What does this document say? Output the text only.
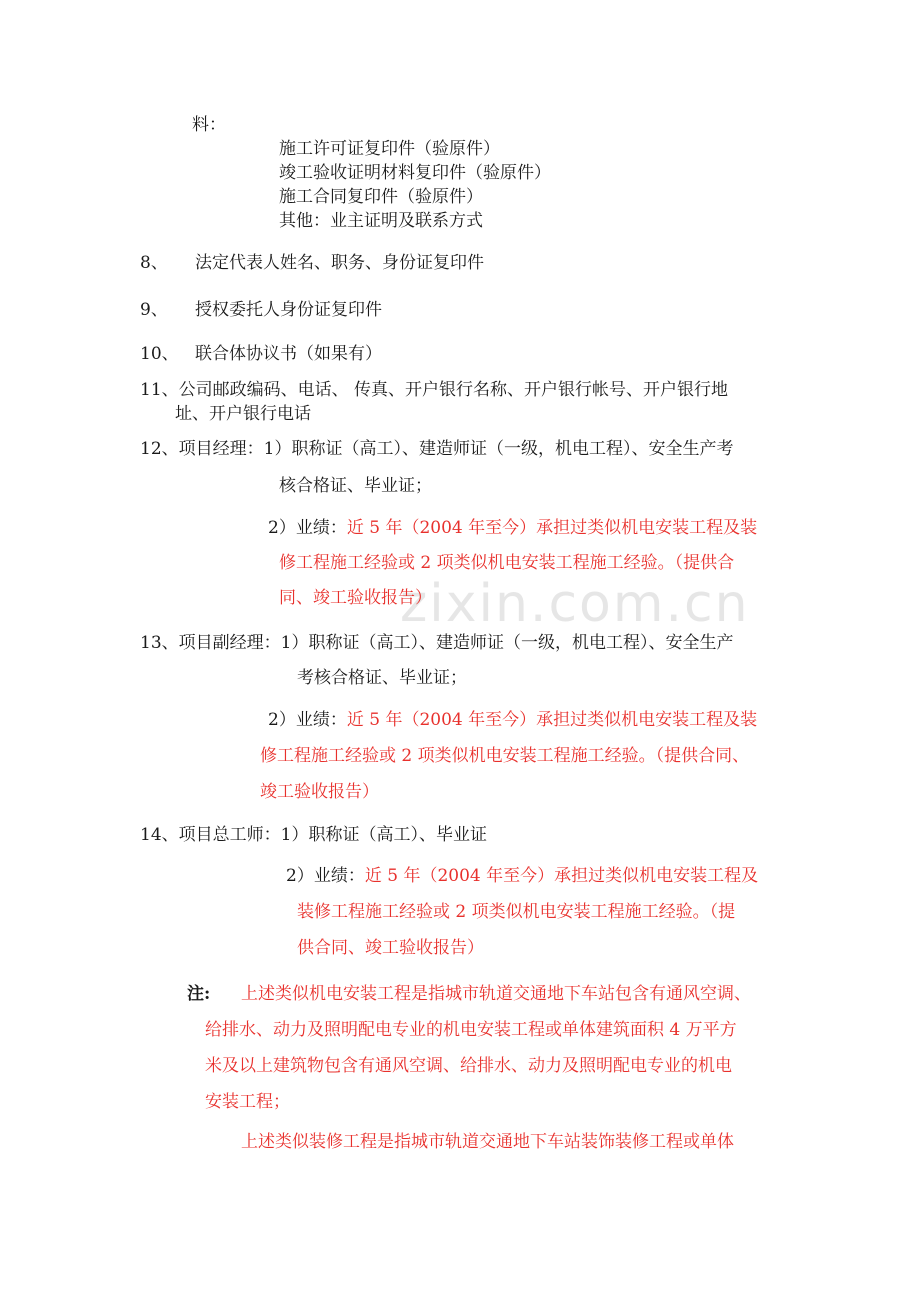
zixin.com.cn

料：

施工许可证复印件（验原件）

竣工验收证明材料复印件（验原件）

施工合同复印件（验原件）

其他：业主证明及联系方式

8、 法定代表人姓名、职务、身份证复印件

9、 授权委托人身份证复印件

10、 联合体协议书（如果有）

11、公司邮政编码、电话、 传真、开户银行名称、开户银行帐号、开户银行地

址、开户银行电话

12、项目经理：1）职称证（高工）、建造师证（一级，机电工程）、安全生产考

核合格证、毕业证；

2）业绩：近 5 年（2004 年至今）承担过类似机电安装工程及装

修工程施工经验或 2 项类似机电安装工程施工经验。（提供合

同、竣工验收报告）

13、项目副经理：1）职称证（高工）、建造师证（一级，机电工程）、安全生产

考核合格证、毕业证；

2）业绩：近 5 年（2004 年至今）承担过类似机电安装工程及装

修工程施工经验或 2 项类似机电安装工程施工经验。（提供合同、

竣工验收报告）

14、项目总工师：1）职称证（高工）、毕业证

2）业绩：近 5 年（2004 年至今）承担过类似机电安装工程及

装修工程施工经验或 2 项类似机电安装工程施工经验。（提

供合同、竣工验收报告）

注: 上述类似机电安装工程是指城市轨道交通地下车站包含有通风空调、

给排水、动力及照明配电专业的机电安装工程或单体建筑面积 4 万平方

米及以上建筑物包含有通风空调、给排水、动力及照明配电专业的机电

安装工程；

上述类似装修工程是指城市轨道交通地下车站装饰装修工程或单体
